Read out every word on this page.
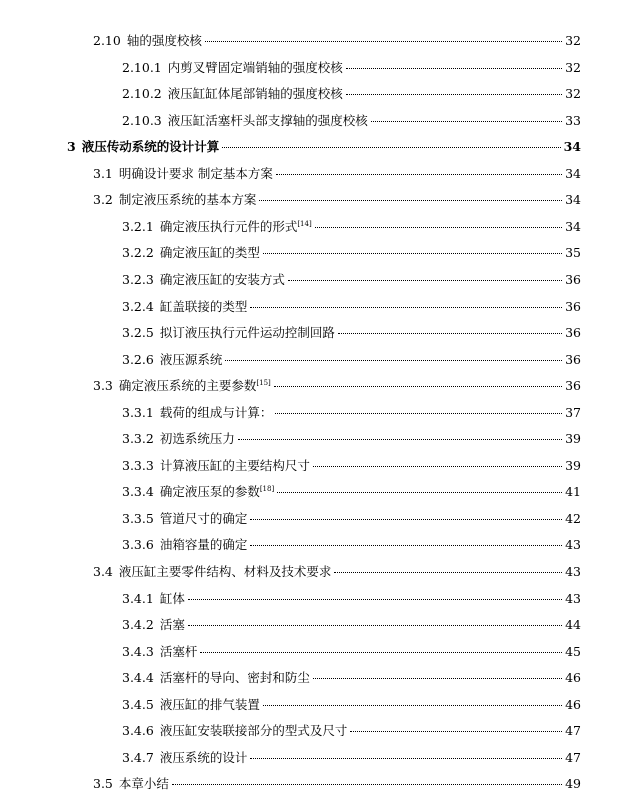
2.10 轴的强度校核	32
2.10.1 内剪叉臂固定端销轴的强度校核	32
2.10.2 液压缸缸体尾部销轴的强度校核	32
2.10.3 液压缸活塞杆头部支撑轴的强度校核	33
3 液压传动系统的设计计算	34
3.1 明确设计要求 制定基本方案	34
3.2 制定液压系统的基本方案	34
3.2.1 确定液压执行元件的形式[14]	34
3.2.2 确定液压缸的类型	35
3.2.3 确定液压缸的安装方式	36
3.2.4 缸盖联接的类型	36
3.2.5 拟订液压执行元件运动控制回路	36
3.2.6 液压源系统	36
3.3 确定液压系统的主要参数[15]	36
3.3.1 载荷的组成与计算：	37
3.3.2 初选系统压力	39
3.3.3 计算液压缸的主要结构尺寸	39
3.3.4 确定液压泵的参数[18]	41
3.3.5 管道尺寸的确定	42
3.3.6 油箱容量的确定	43
3.4 液压缸主要零件结构、材料及技术要求	43
3.4.1 缸体	43
3.4.2 活塞	44
3.4.3 活塞杆	45
3.4.4 活塞杆的导向、密封和防尘	46
3.4.5 液压缸的排气装置	46
3.4.6 液压缸安装联接部分的型式及尺寸	47
3.4.7 液压系统的设计	47
3.5 本章小结	49
